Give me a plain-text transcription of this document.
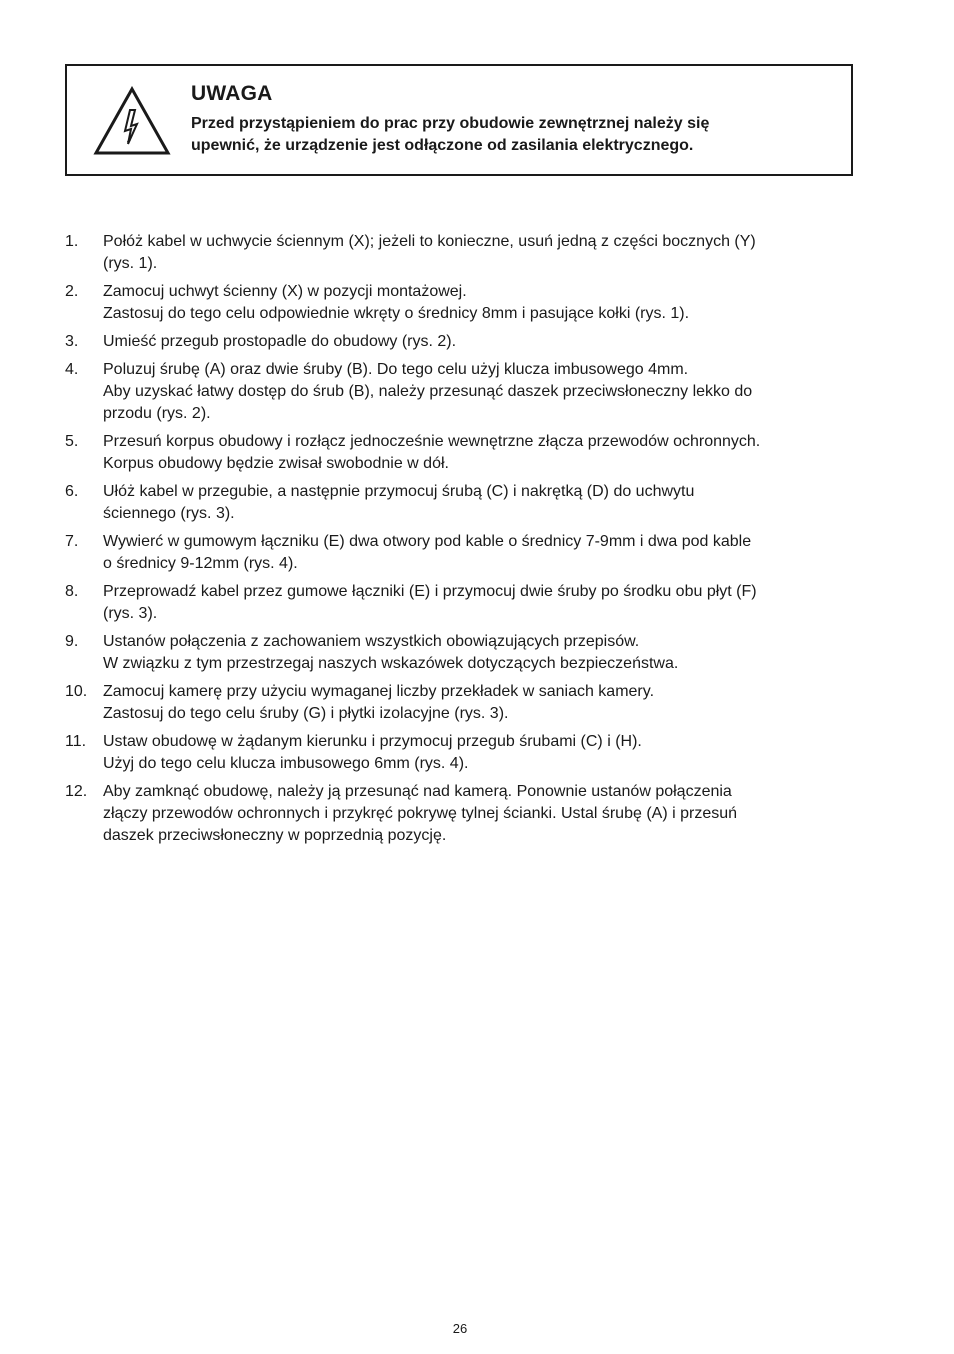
UWAGA
Przed przystąpieniem do prac przy obudowie zewnętrznej należy się
upewnić, że urządzenie jest odłączone od zasilania elektrycznego.
1. Połóż kabel w uchwycie ściennym (X); jeżeli to konieczne, usuń jedną z części bocznych (Y)
(rys. 1).
2. Zamocuj uchwyt ścienny (X) w pozycji montażowej.
Zastosuj do tego celu odpowiednie wkręty o średnicy 8mm i pasujące kołki (rys. 1).
3. Umieść przegub prostopadle do obudowy (rys. 2).
4. Poluzuj śrubę (A) oraz dwie śruby (B). Do tego celu użyj klucza imbusowego 4mm.
Aby uzyskać łatwy dostęp do śrub (B), należy przesunąć daszek przeciwsłoneczny lekko do
przodu (rys. 2).
5. Przesuń korpus obudowy i rozłącz jednocześnie wewnętrzne złącza przewodów ochronnych.
Korpus obudowy będzie zwisał swobodnie w dół.
6. Ułóż kabel w przegubie, a następnie przymocuj śrubą (C) i nakrętką (D) do uchwytu
ściennego (rys. 3).
7. Wywierć w gumowym łączniku (E) dwa otwory pod kable o średnicy 7-9mm i dwa pod kable
o średnicy 9-12mm (rys. 4).
8. Przeprowadź kabel przez gumowe łączniki (E) i przymocuj dwie śruby po środku obu płyt (F)
(rys. 3).
9. Ustanów połączenia z zachowaniem wszystkich obowiązujących przepisów.
W związku z tym przestrzegaj naszych wskazówek dotyczących bezpieczeństwa.
10. Zamocuj kamerę przy użyciu wymaganej liczby przekładek w saniach kamery.
Zastosuj do tego celu śruby (G) i płytki izolacyjne (rys. 3).
11. Ustaw obudowę w żądanym kierunku i przymocuj przegub śrubami (C) i (H).
Użyj do tego celu klucza imbusowego 6mm (rys. 4).
12. Aby zamknąć obudowę, należy ją przesunąć nad kamerą. Ponownie ustanów połączenia
złączy przewodów ochronnych i przykręć pokrywę tylnej ścianki. Ustal śrubę (A) i przesuń
daszek przeciwsłoneczny w poprzednią pozycję.
26
